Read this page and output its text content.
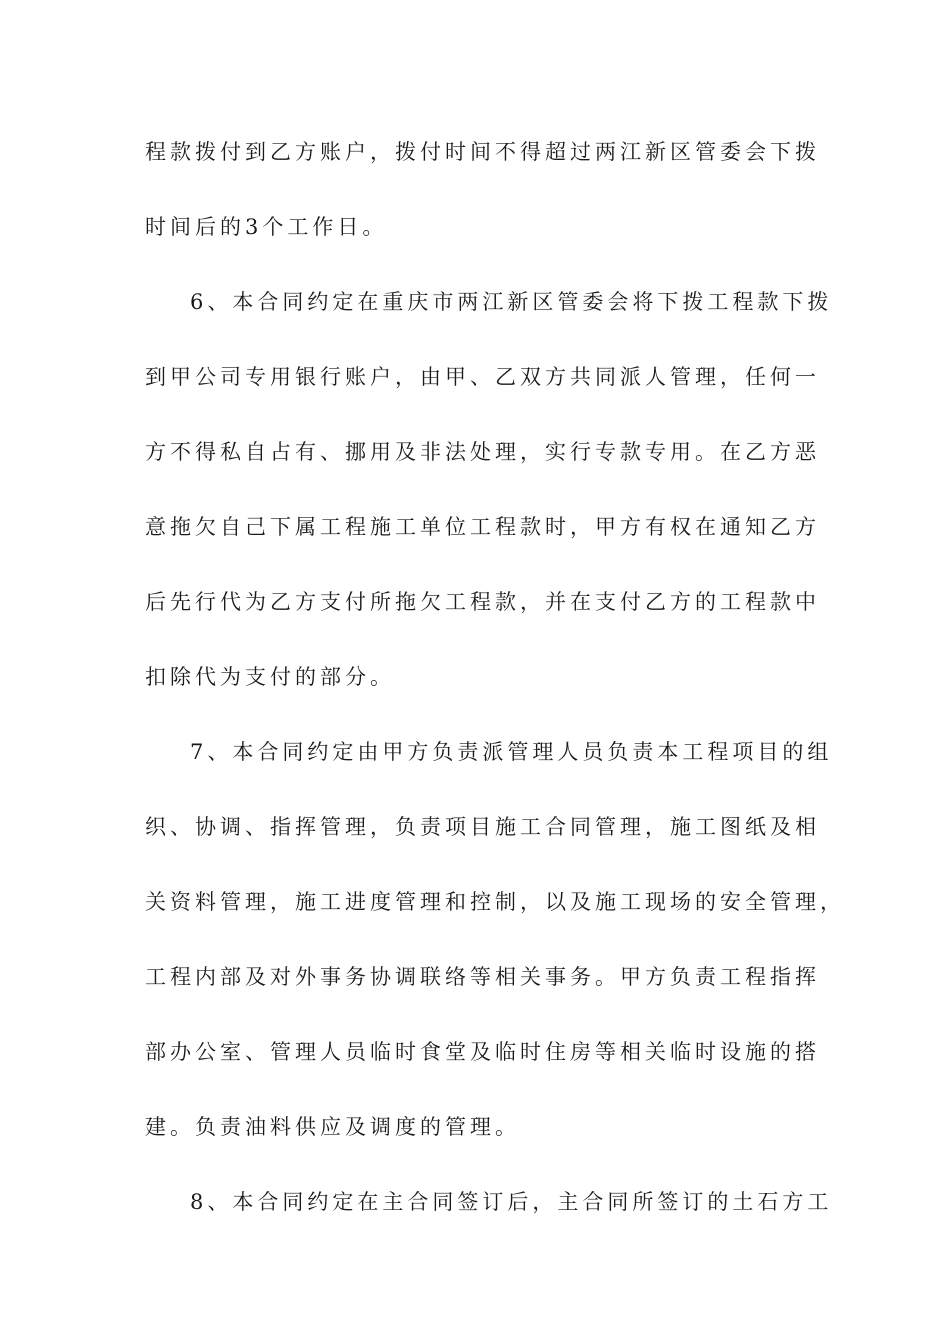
程款拨付到乙方账户，拨付时间不得超过两江新区管委会下拨
时间后的3个工作日。
6、本合同约定在重庆市两江新区管委会将下拨工程款下拨
到甲公司专用银行账户，由甲、乙双方共同派人管理，任何一
方不得私自占有、挪用及非法处理，实行专款专用。在乙方恶
意拖欠自己下属工程施工单位工程款时，甲方有权在通知乙方
后先行代为乙方支付所拖欠工程款，并在支付乙方的工程款中
扣除代为支付的部分。
7、本合同约定由甲方负责派管理人员负责本工程项目的组
织、协调、指挥管理，负责项目施工合同管理，施工图纸及相
关资料管理，施工进度管理和控制，以及施工现场的安全管理，
工程内部及对外事务协调联络等相关事务。甲方负责工程指挥
部办公室、管理人员临时食堂及临时住房等相关临时设施的搭
建。负责油料供应及调度的管理。
8、本合同约定在主合同签订后，主合同所签订的土石方工
